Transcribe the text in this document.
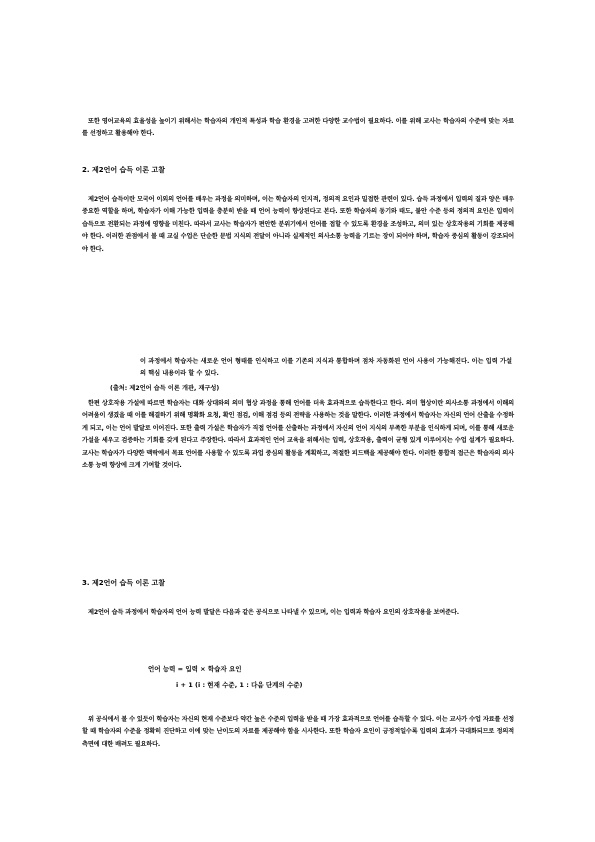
또한 영어교육의 효율성을 높이기 위해서는 학습자의 개인적 특성과 학습 환경을 고려한 다양한 교수법이 필요하다. 이를 위해 교사는 학습자의 수준에 맞는 자료를 선정하고 활용해야 한다.

2. 제2언어 습득 이론 고찰

제2언어 습득이란 모국어 이외의 언어를 배우는 과정을 의미하며, 이는 학습자의 인지적, 정의적 요인과 밀접한 관련이 있다. 습득 과정에서 입력의 질과 양은 매우 중요한 역할을 하며, 학습자가 이해 가능한 입력을 충분히 받을 때 언어 능력이 향상된다고 본다. 또한 학습자의 동기와 태도, 불안 수준 등의 정의적 요인은 입력이 습득으로 전환되는 과정에 영향을 미친다. 따라서 교사는 학습자가 편안한 분위기에서 언어를 접할 수 있도록 환경을 조성하고, 의미 있는 상호작용의 기회를 제공해야 한다. 이러한 관점에서 볼 때 교실 수업은 단순한 문법 지식의 전달이 아니라 실제적인 의사소통 능력을 기르는 장이 되어야 하며, 학습자 중심의 활동이 강조되어야 한다.

이 과정에서 학습자는 새로운 언어 형태를 인식하고 이를 기존의 지식과 통합하며 점차 자동화된 언어 사용이 가능해진다. 이는 입력 가설의 핵심 내용이라 할 수 있다.

(출처: 제2언어 습득 이론 개관, 재구성)

한편 상호작용 가설에 따르면 학습자는 대화 상대와의 의미 협상 과정을 통해 언어를 더욱 효과적으로 습득한다고 한다. 의미 협상이란 의사소통 과정에서 이해의 어려움이 생겼을 때 이를 해결하기 위해 명확화 요청, 확인 점검, 이해 점검 등의 전략을 사용하는 것을 말한다. 이러한 과정에서 학습자는 자신의 언어 산출을 수정하게 되고, 이는 언어 발달로 이어진다. 또한 출력 가설은 학습자가 직접 언어를 산출하는 과정에서 자신의 언어 지식의 부족한 부분을 인식하게 되며, 이를 통해 새로운 가설을 세우고 검증하는 기회를 갖게 된다고 주장한다. 따라서 효과적인 언어 교육을 위해서는 입력, 상호작용, 출력이 균형 있게 이루어지는 수업 설계가 필요하다. 교사는 학습자가 다양한 맥락에서 목표 언어를 사용할 수 있도록 과업 중심의 활동을 계획하고, 적절한 피드백을 제공해야 한다. 이러한 통합적 접근은 학습자의 의사소통 능력 향상에 크게 기여할 것이다.

3. 제2언어 습득 이론 고찰

제2언어 습득 과정에서 학습자의 언어 능력 발달은 다음과 같은 공식으로 나타낼 수 있으며, 이는 입력과 학습자 요인의 상호작용을 보여준다.

언어 능력 = 입력 × 학습자 요인
i + 1 (i : 현재 수준, 1 : 다음 단계의 수준)

위 공식에서 볼 수 있듯이 학습자는 자신의 현재 수준보다 약간 높은 수준의 입력을 받을 때 가장 효과적으로 언어를 습득할 수 있다. 이는 교사가 수업 자료를 선정할 때 학습자의 수준을 정확히 진단하고 이에 맞는 난이도의 자료를 제공해야 함을 시사한다. 또한 학습자 요인이 긍정적일수록 입력의 효과가 극대화되므로 정의적 측면에 대한 배려도 필요하다.
